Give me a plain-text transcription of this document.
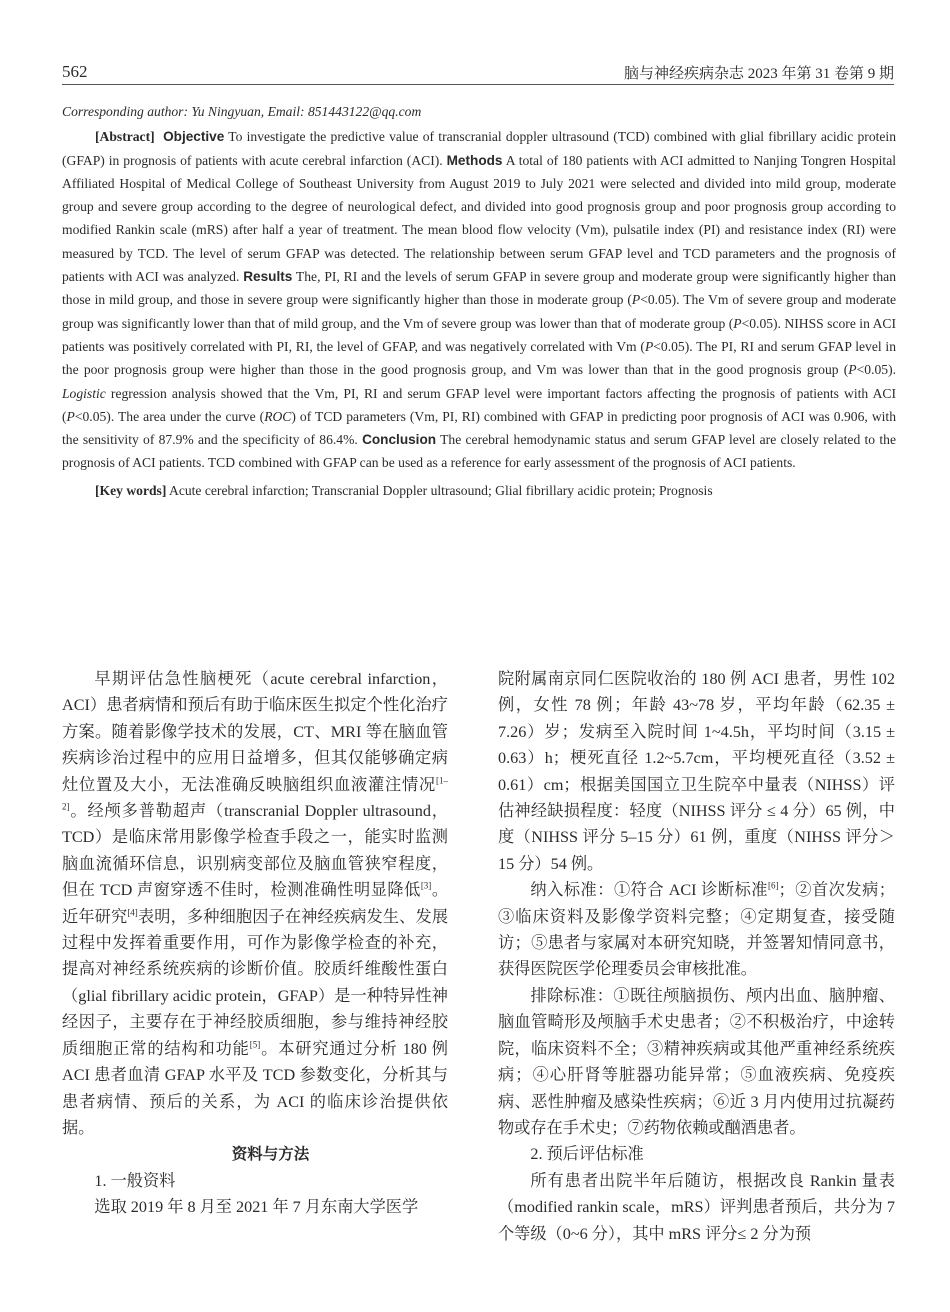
562	脑与神经疾病杂志 2023 年第 31 卷第 9 期

Corresponding author: Yu Ningyuan, Email: 851443122@qq.com

[Abstract] Objective To investigate the predictive value of transcranial doppler ultrasound (TCD) combined with glial fibrillary acidic protein (GFAP) in prognosis of patients with acute cerebral infarction (ACI). Methods A total of 180 patients with ACI admitted to Nanjing Tongren Hospital Affiliated Hospital of Medical College of Southeast University from August 2019 to July 2021 were selected and divided into mild group, moderate group and severe group according to the degree of neurological defect, and divided into good prognosis group and poor prognosis group according to modified Rankin scale (mRS) after half a year of treatment. The mean blood flow velocity (Vm), pulsatile index (PI) and resistance index (RI) were measured by TCD. The level of serum GFAP was detected. The relationship between serum GFAP level and TCD parameters and the prognosis of patients with ACI was analyzed. Results The, PI, RI and the levels of serum GFAP in severe group and moderate group were significantly higher than those in mild group, and those in severe group were significantly higher than those in moderate group (P<0.05). The Vm of severe group and moderate group was significantly lower than that of mild group, and the Vm of severe group was lower than that of moderate group (P<0.05). NIHSS score in ACI patients was positively correlated with PI, RI, the level of GFAP, and was negatively correlated with Vm (P<0.05). The PI, RI and serum GFAP level in the poor prognosis group were higher than those in the good prognosis group, and Vm was lower than that in the good prognosis group (P<0.05). Logistic regression analysis showed that the Vm, PI, RI and serum GFAP level were important factors affecting the prognosis of patients with ACI (P<0.05). The area under the curve (ROC) of TCD parameters (Vm, PI, RI) combined with GFAP in predicting poor prognosis of ACI was 0.906, with the sensitivity of 87.9% and the specificity of 86.4%. Conclusion The cerebral hemodynamic status and serum GFAP level are closely related to the prognosis of ACI patients. TCD combined with GFAP can be used as a reference for early assessment of the prognosis of ACI patients.

[Key words] Acute cerebral infarction; Transcranial Doppler ultrasound; Glial fibrillary acidic protein; Prognosis

早期评估急性脑梗死（acute cerebral infarction，ACI）患者病情和预后有助于临床医生拟定个性化治疗方案。随着影像学技术的发展，CT、MRI 等在脑血管疾病诊治过程中的应用日益增多，但其仅能够确定病灶位置及大小，无法准确反映脑组织血液灌注情况[1–2]。经颅多普勒超声（transcranial Doppler ultrasound，TCD）是临床常用影像学检查手段之一，能实时监测脑血流循环信息，识别病变部位及脑血管狭窄程度，但在 TCD 声窗穿透不佳时，检测准确性明显降低[3]。近年研究[4]表明，多种细胞因子在神经疾病发生、发展过程中发挥着重要作用，可作为影像学检查的补充，提高对神经系统疾病的诊断价值。胶质纤维酸性蛋白（glial fibrillary acidic protein，GFAP）是一种特异性神经因子，主要存在于神经胶质细胞，参与维持神经胶质细胞正常的结构和功能[5]。本研究通过分析 180 例 ACI 患者血清 GFAP 水平及 TCD 参数变化，分析其与患者病情、预后的关系，为 ACI 的临床诊治提供依据。

资料与方法

1. 一般资料

选取 2019 年 8 月至 2021 年 7 月东南大学医学

院附属南京同仁医院收治的 180 例 ACI 患者，男性 102 例，女性 78 例；年龄 43~78 岁，平均年龄（62.35 ± 7.26）岁；发病至入院时间 1~4.5h，平均时间（3.15 ± 0.63）h；梗死直径 1.2~5.7cm，平均梗死直径（3.52 ± 0.61）cm；根据美国国立卫生院卒中量表（NIHSS）评估神经缺损程度：轻度（NIHSS 评分 ≤ 4 分）65 例，中度（NIHSS 评分 5–15 分）61 例，重度（NIHSS 评分＞ 15 分）54 例。

纳入标准：①符合 ACI 诊断标准[6]；②首次发病；③临床资料及影像学资料完整；④定期复查，接受随访；⑤患者与家属对本研究知晓，并签署知情同意书，获得医院医学伦理委员会审核批准。

排除标准：①既往颅脑损伤、颅内出血、脑肿瘤、脑血管畸形及颅脑手术史患者；②不积极治疗，中途转院，临床资料不全；③精神疾病或其他严重神经系统疾病；④心肝肾等脏器功能异常；⑤血液疾病、免疫疾病、恶性肿瘤及感染性疾病；⑥近 3 月内使用过抗凝药物或存在手术史；⑦药物依赖或酗酒患者。

2. 预后评估标准

所有患者出院半年后随访，根据改良 Rankin 量表（modified rankin scale，mRS）评判患者预后，共分为 7 个等级（0~6 分），其中 mRS 评分≤ 2 分为预
